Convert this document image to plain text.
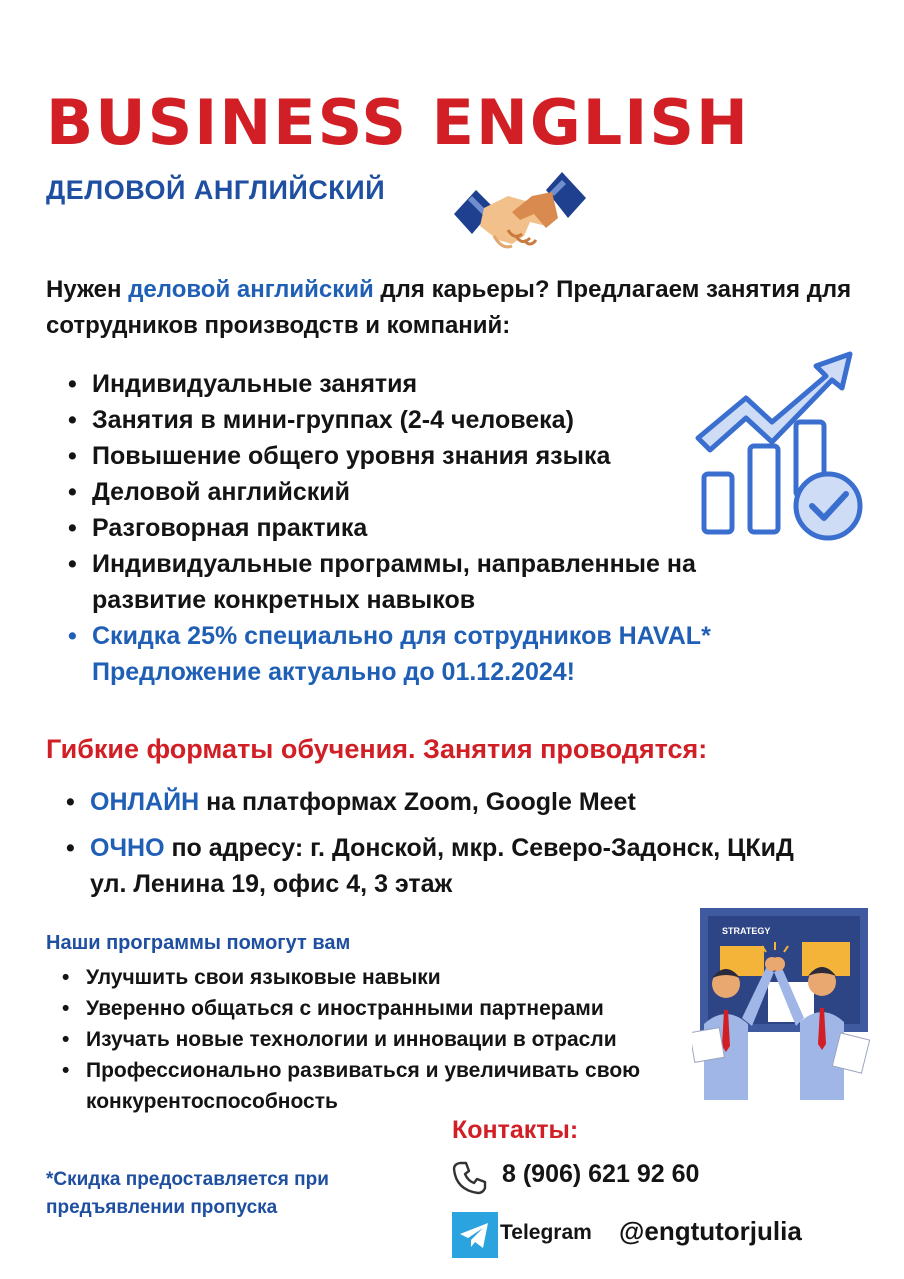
BUSINESS ENGLISH
ДЕЛОВОЙ АНГЛИЙСКИЙ
Нужен деловой английский для карьеры? Предлагаем занятия для сотрудников производств и компаний:
• Индивидуальные занятия
• Занятия в мини-группах (2-4 человека)
• Повышение общего уровня знания языка
• Деловой английский
• Разговорная практика
• Индивидуальные программы, направленные на развитие конкретных навыков
• Скидка 25% специально для сотрудников HAVAL*
Предложение актуально до 01.12.2024!
Гибкие форматы обучения. Занятия проводятся:
• ОНЛАЙН на платформах Zoom, Google Meet
• ОЧНО по адресу: г. Донской, мкр. Северо-Задонск, ЦКиД ул. Ленина 19, офис 4, 3 этаж
STRATEGY
Наши программы помогут вам
• Улучшить свои языковые навыки
• Уверенно общаться с иностранными партнерами
• Изучать новые технологии и инновации в отрасли
• Профессионально развиваться и увеличивать свою конкурентоспособность
*Скидка предоставляется при предъявлении пропуска
Контакты:
8 (906) 621 92 60
Telegram @engtutorjulia
